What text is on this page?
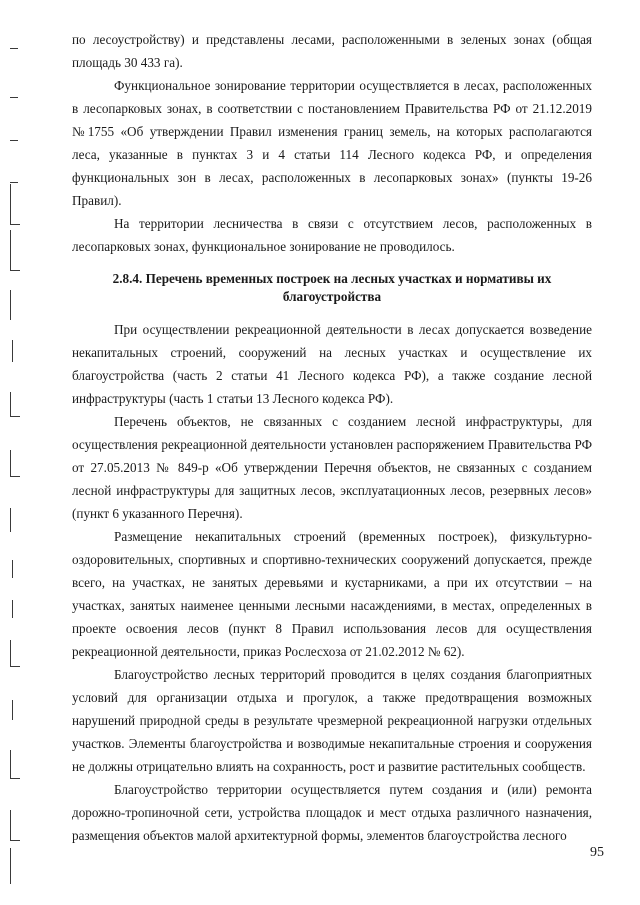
по лесоустройству) и представлены лесами, расположенными в зеленых зонах (общая площадь 30 433 га).

Функциональное зонирование территории осуществляется в лесах, расположенных в лесопарковых зонах, в соответствии с постановлением Правительства РФ от 21.12.2019 №1755 «Об утверждении Правил изменения границ земель, на которых располагаются леса, указанные в пунктах 3 и 4 статьи 114 Лесного кодекса РФ, и определения функциональных зон в лесах, расположенных в лесопарковых зонах» (пункты 19-26 Правил).

На территории лесничества в связи с отсутствием лесов, расположенных в лесопарковых зонах, функциональное зонирование не проводилось.

2.8.4. Перечень временных построек на лесных участках и нормативы их благоустройства

При осуществлении рекреационной деятельности в лесах допускается возведение некапитальных строений, сооружений на лесных участках и осуществление их благоустройства (часть 2 статьи 41 Лесного кодекса РФ), а также создание лесной инфраструктуры (часть 1 статьи 13 Лесного кодекса РФ).

Перечень объектов, не связанных с созданием лесной инфраструктуры, для осуществления рекреационной деятельности установлен распоряжением Правительства РФ от 27.05.2013 № 849-р «Об утверждении Перечня объектов, не связанных с созданием лесной инфраструктуры для защитных лесов, эксплуатационных лесов, резервных лесов» (пункт 6 указанного Перечня).

Размещение некапитальных строений (временных построек), физкультурно-оздоровительных, спортивных и спортивно-технических сооружений допускается, прежде всего, на участках, не занятых деревьями и кустарниками, а при их отсутствии – на участках, занятых наименее ценными лесными насаждениями, в местах, определенных в проекте освоения лесов (пункт 8 Правил использования лесов для осуществления рекреационной деятельности, приказ Рослесхоза от 21.02.2012 № 62).

Благоустройство лесных территорий проводится в целях создания благоприятных условий для организации отдыха и прогулок, а также предотвращения возможных нарушений природной среды в результате чрезмерной рекреационной нагрузки отдельных участков. Элементы благоустройства и возводимые некапитальные строения и сооружения не должны отрицательно влиять на сохранность, рост и развитие растительных сообществ.

Благоустройство территории осуществляется путем создания и (или) ремонта дорожно-тропиночной сети, устройства площадок и мест отдыха различного назначения, размещения объектов малой архитектурной формы, элементов благоустройства лесного

95
